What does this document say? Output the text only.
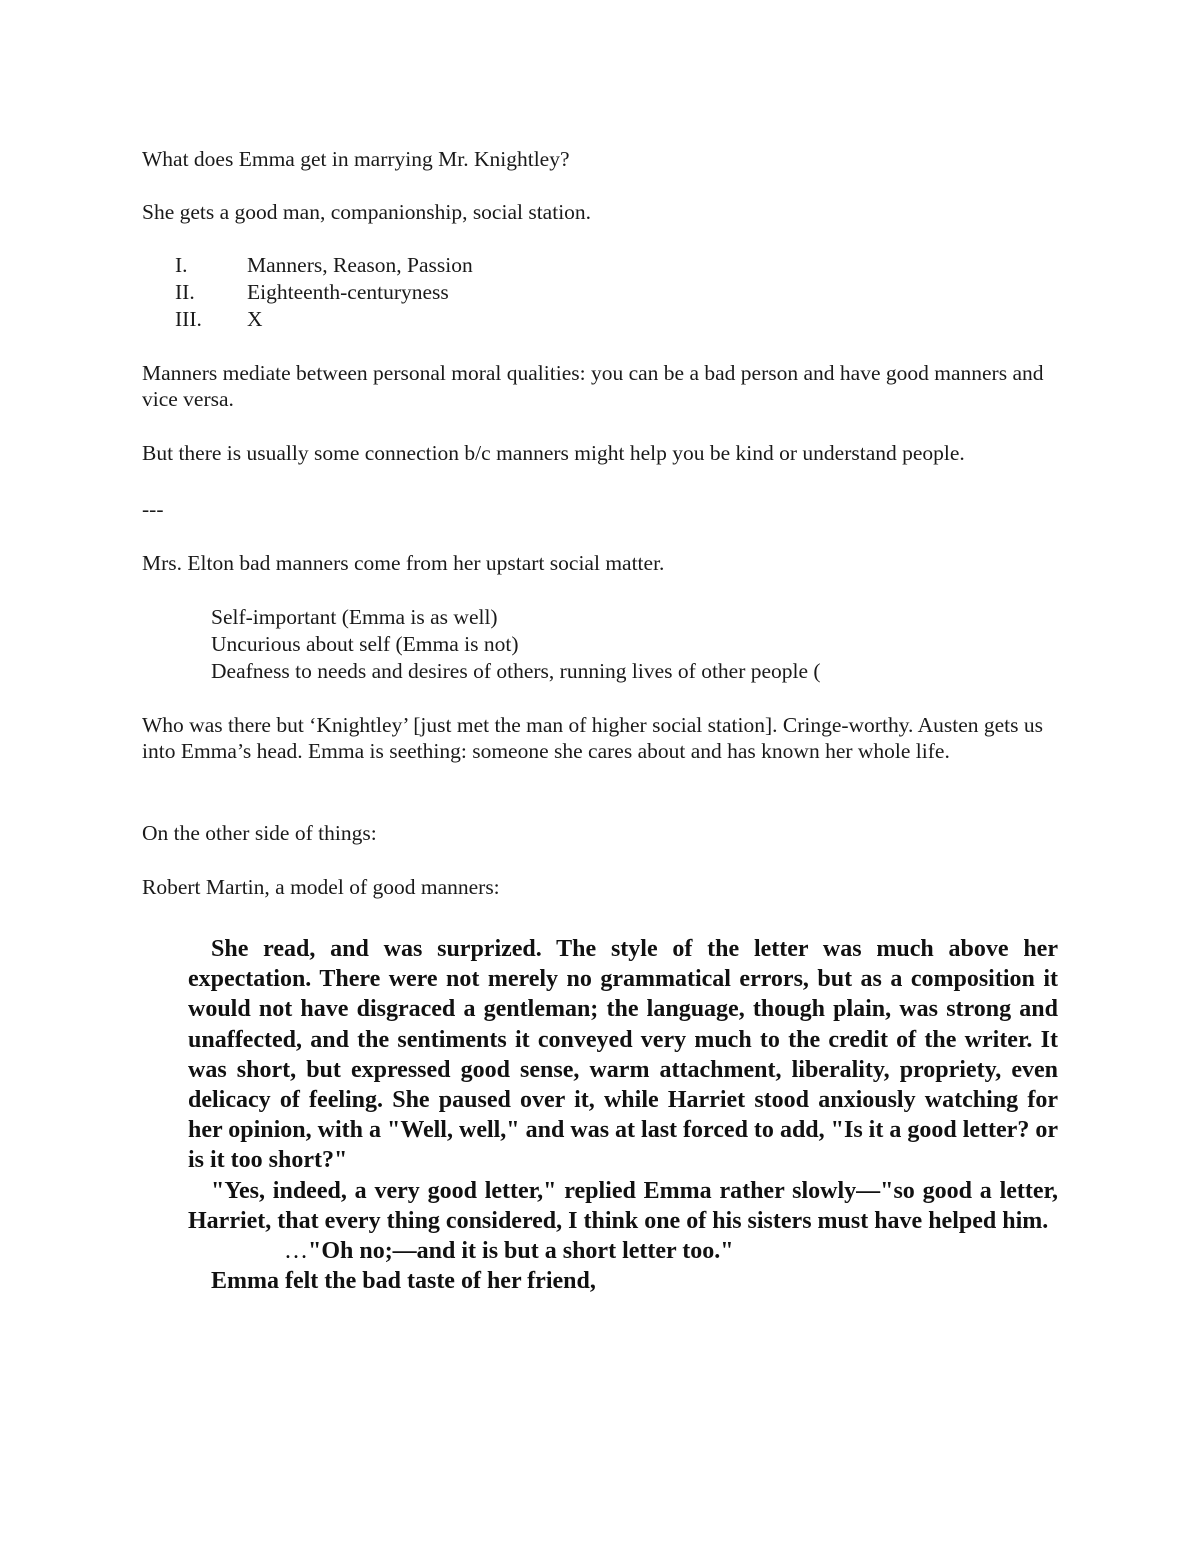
What does Emma get in marrying Mr. Knightley?

She gets a good man, companionship, social station.

I.	Manners, Reason, Passion
II. Eighteenth-centuryness
III. X

Manners mediate between personal moral qualities: you can be a bad person and have good manners and vice versa.

But there is usually some connection b/c manners might help you be kind or understand people.

---

Mrs. Elton bad manners come from her upstart social matter.

Self-important (Emma is as well)
Uncurious about self (Emma is not)
Deafness to needs and desires of others, running lives of other people (

Who was there but ‘Knightley’ [just met the man of higher social station]. Cringe-worthy. Austen gets us into Emma’s head. Emma is seething: someone she cares about and has known her whole life.

On the other side of things:

Robert Martin, a model of good manners:

She read, and was surprized. The style of the letter was much above her expectation. There were not merely no grammatical errors, but as a composition it would not have disgraced a gentleman; the language, though plain, was strong and unaffected, and the sentiments it conveyed very much to the credit of the writer. It was short, but expressed good sense, warm attachment, liberality, propriety, even delicacy of feeling. She paused over it, while Harriet stood anxiously watching for her opinion, with a "Well, well," and was at last forced to add, "Is it a good letter? or is it too short?"

"Yes, indeed, a very good letter," replied Emma rather slowly—"so good a letter, Harriet, that every thing considered, I think one of his sisters must have helped him.

…"Oh no;—and it is but a short letter too."

Emma felt the bad taste of her friend,
